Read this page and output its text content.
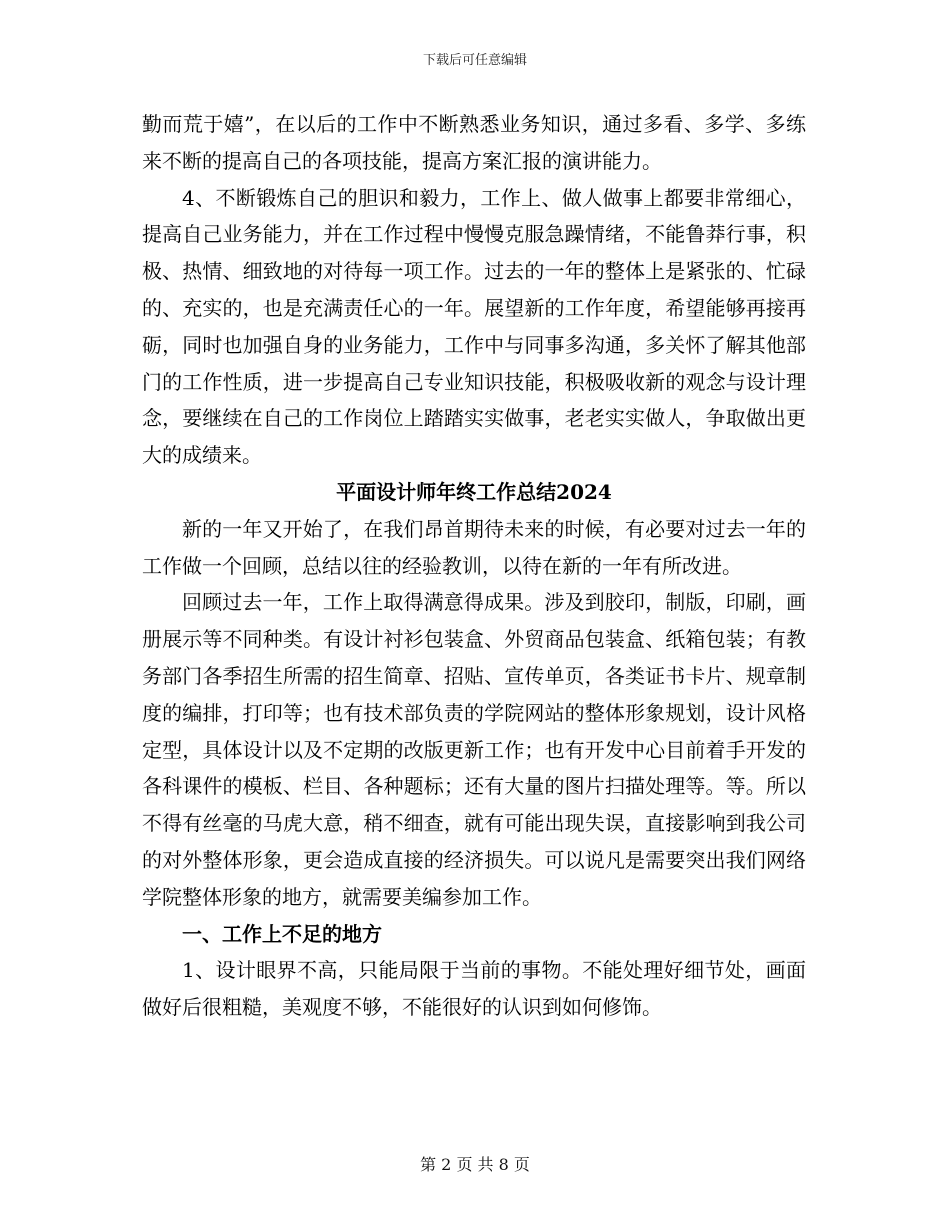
下载后可任意编辑

勤而荒于嬉”，在以后的工作中不断熟悉业务知识，通过多看、多学、多练来不断的提高自己的各项技能，提高方案汇报的演讲能力。

4、不断锻炼自己的胆识和毅力，工作上、做人做事上都要非常细心，提高自己业务能力，并在工作过程中慢慢克服急躁情绪，不能鲁莽行事，积极、热情、细致地的对待每一项工作。过去的一年的整体上是紧张的、忙碌的、充实的，也是充满责任心的一年。展望新的工作年度，希望能够再接再砺，同时也加强自身的业务能力，工作中与同事多沟通，多关怀了解其他部门的工作性质，进一步提高自己专业知识技能，积极吸收新的观念与设计理念，要继续在自己的工作岗位上踏踏实实做事，老老实实做人，争取做出更大的成绩来。

平面设计师年终工作总结2024

新的一年又开始了，在我们昂首期待未来的时候，有必要对过去一年的工作做一个回顾，总结以往的经验教训，以待在新的一年有所改进。

回顾过去一年，工作上取得满意得成果。涉及到胶印，制版，印刷，画册展示等不同种类。有设计衬衫包装盒、外贸商品包装盒、纸箱包装；有教务部门各季招生所需的招生简章、招贴、宣传单页，各类证书卡片、规章制度的编排，打印等；也有技术部负责的学院网站的整体形象规划，设计风格定型，具体设计以及不定期的改版更新工作；也有开发中心目前着手开发的各科课件的模板、栏目、各种题标；还有大量的图片扫描处理等。等。所以不得有丝毫的马虎大意，稍不细查，就有可能出现失误，直接影响到我公司的对外整体形象，更会造成直接的经济损失。可以说凡是需要突出我们网络学院整体形象的地方，就需要美编参加工作。

一、工作上不足的地方

1、设计眼界不高，只能局限于当前的事物。不能处理好细节处，画面做好后很粗糙，美观度不够，不能很好的认识到如何修饰。

第 2 页 共 8 页
